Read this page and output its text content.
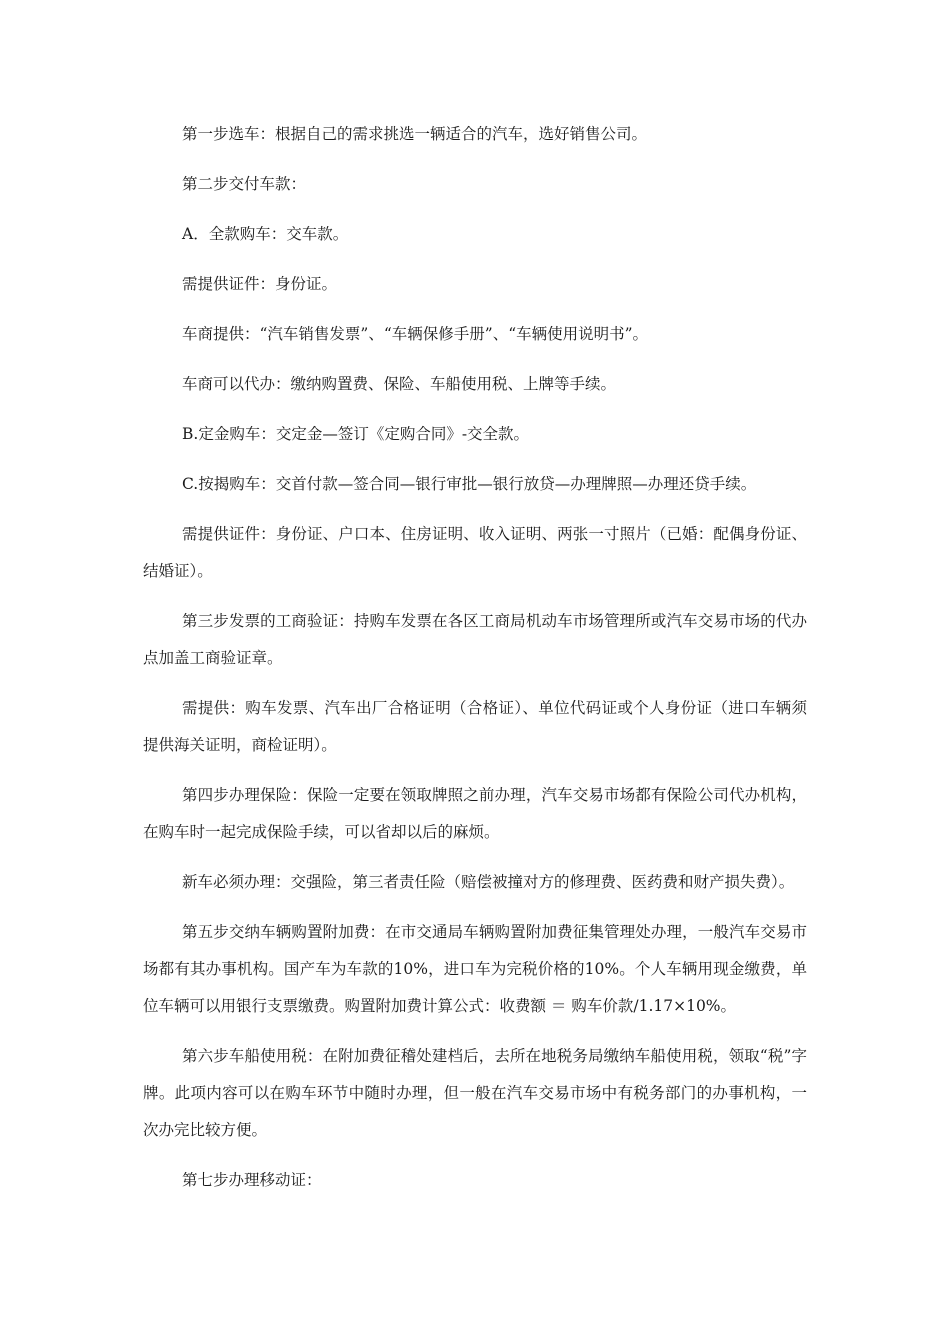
第一步选车：根据自己的需求挑选一辆适合的汽车，选好销售公司。

第二步交付车款：

A．全款购车：交车款。

需提供证件：身份证。

车商提供：“汽车销售发票”、“车辆保修手册”、“车辆使用说明书”。

车商可以代办：缴纳购置费、保险、车船使用税、上牌等手续。

B.定金购车：交定金—签订《定购合同》-交全款。

C.按揭购车：交首付款—签合同—银行审批—银行放贷—办理牌照—办理还贷手续。

需提供证件：身份证、户口本、住房证明、收入证明、两张一寸照片（已婚：配偶身份证、结婚证）。

第三步发票的工商验证：持购车发票在各区工商局机动车市场管理所或汽车交易市场的代办点加盖工商验证章。

需提供：购车发票、汽车出厂合格证明（合格证）、单位代码证或个人身份证（进口车辆须提供海关证明，商检证明）。

第四步办理保险：保险一定要在领取牌照之前办理，汽车交易市场都有保险公司代办机构，在购车时一起完成保险手续，可以省却以后的麻烦。

新车必须办理：交强险，第三者责任险（赔偿被撞对方的修理费、医药费和财产损失费）。

第五步交纳车辆购置附加费：在市交通局车辆购置附加费征集管理处办理，一般汽车交易市场都有其办事机构。国产车为车款的10%，进口车为完税价格的10%。个人车辆用现金缴费，单位车辆可以用银行支票缴费。购置附加费计算公式：收费额 ＝ 购车价款/1.17×10%。

第六步车船使用税：在附加费征稽处建档后，去所在地税务局缴纳车船使用税，领取“税”字牌。此项内容可以在购车环节中随时办理，但一般在汽车交易市场中有税务部门的办事机构，一次办完比较方便。

第七步办理移动证：
